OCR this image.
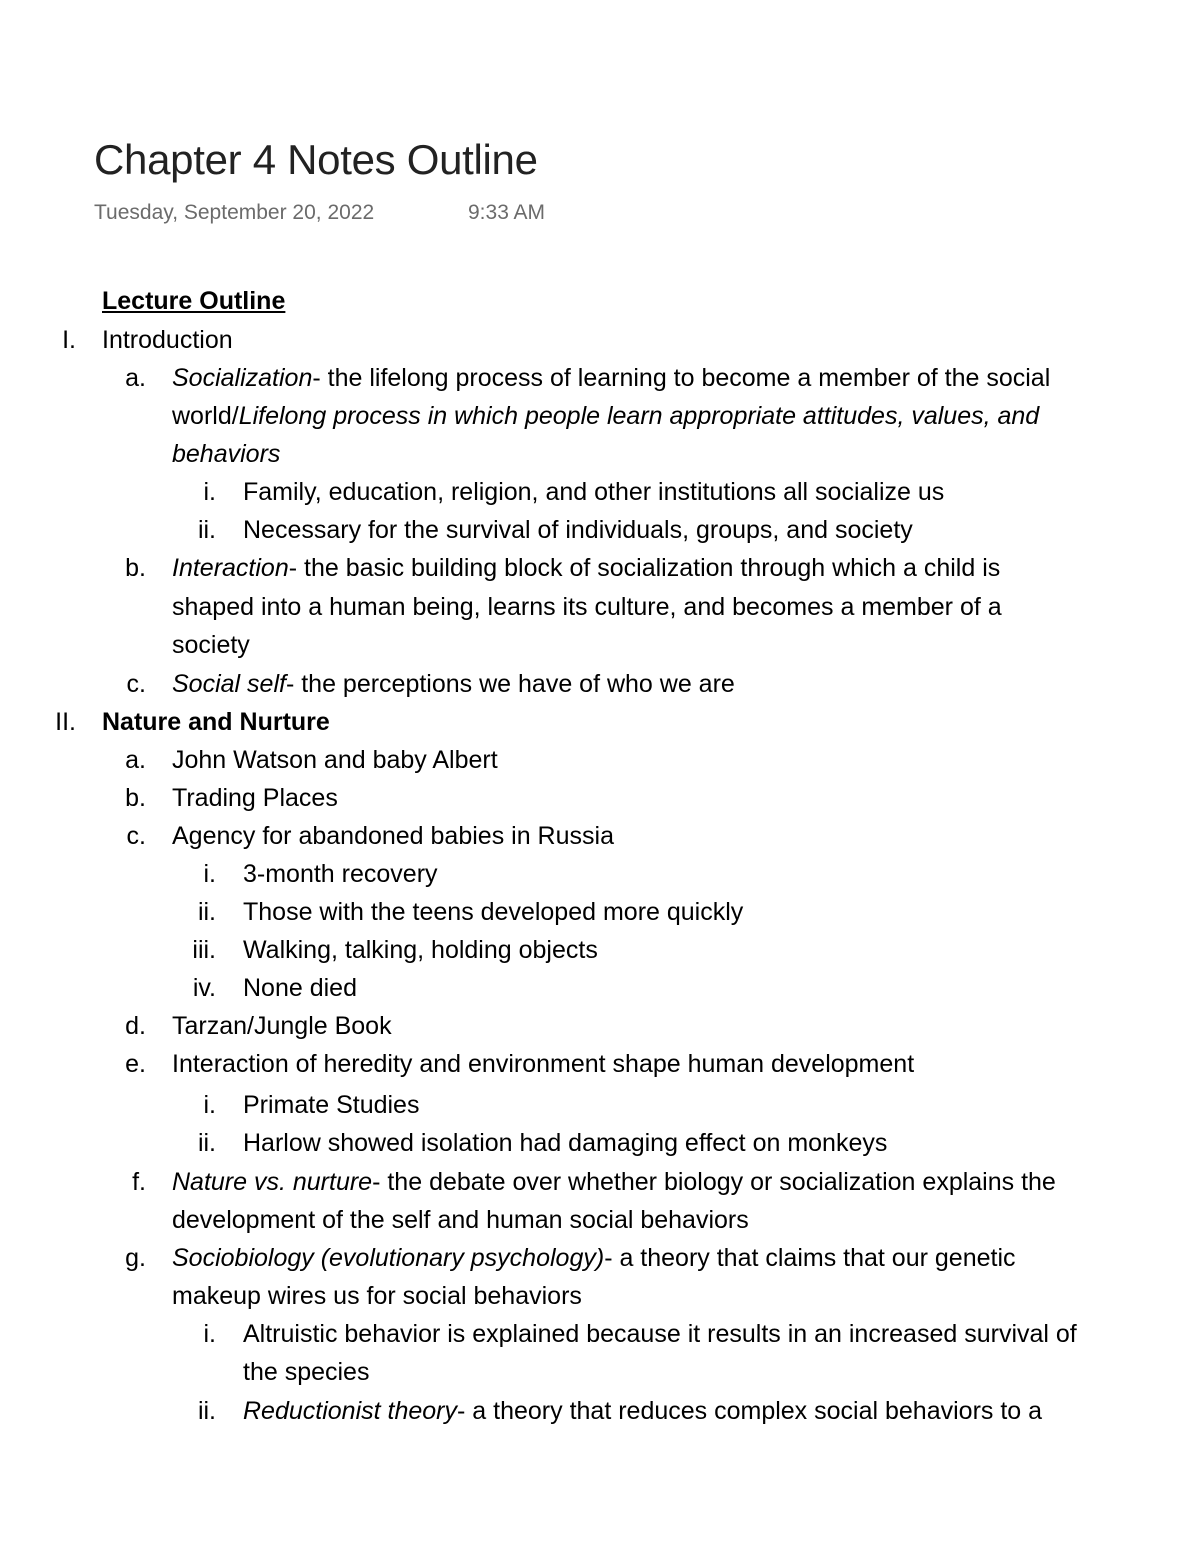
Chapter 4 Notes Outline
Tuesday, September 20, 2022	9:33 AM
Lecture Outline
I. Introduction
a. Socialization- the lifelong process of learning to become a member of the social
world/Lifelong process in which people learn appropriate attitudes, values, and
behaviors
i. Family, education, religion, and other institutions all socialize us
ii. Necessary for the survival of individuals, groups, and society
b. Interaction- the basic building block of socialization through which a child is
shaped into a human being, learns its culture, and becomes a member of a
society
c. Social self- the perceptions we have of who we are
II. Nature and Nurture
a. John Watson and baby Albert
b. Trading Places
c. Agency for abandoned babies in Russia
i. 3-month recovery
ii. Those with the teens developed more quickly
iii. Walking, talking, holding objects
iv. None died
d. Tarzan/Jungle Book
e. Interaction of heredity and environment shape human development
i. Primate Studies
ii. Harlow showed isolation had damaging effect on monkeys
f. Nature vs. nurture- the debate over whether biology or socialization explains the
development of the self and human social behaviors
g. Sociobiology (evolutionary psychology)- a theory that claims that our genetic
makeup wires us for social behaviors
i. Altruistic behavior is explained because it results in an increased survival of
the species
ii. Reductionist theory- a theory that reduces complex social behaviors to a
